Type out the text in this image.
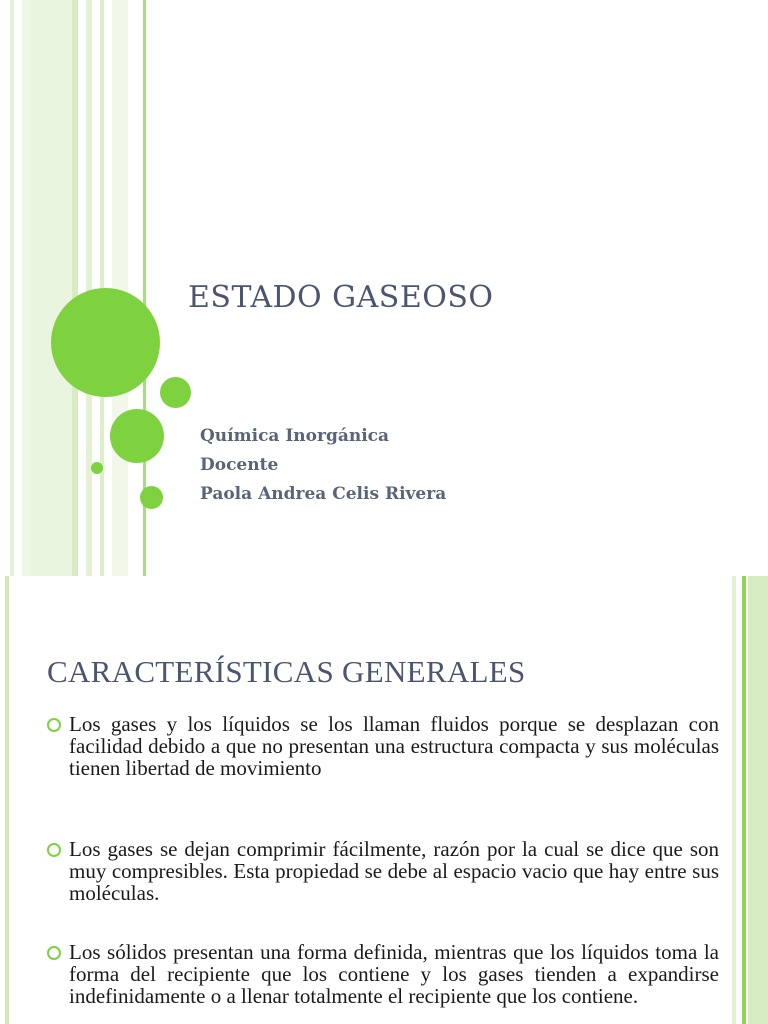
ESTADO GASEOSO
Química Inorgánica
Docente
Paola Andrea Celis Rivera
CARACTERÍSTICAS GENERALES
Los gases y los líquidos se los llaman fluidos porque se desplazan con facilidad debido a que no presentan una estructura compacta y sus moléculas tienen libertad de movimiento
Los gases se dejan comprimir fácilmente, razón por la cual se dice que son muy compresibles. Esta propiedad se debe al espacio vacio que hay entre sus moléculas.
Los sólidos presentan una forma definida, mientras que los líquidos toma la forma del recipiente que los contiene y los gases tienden a expandirse indefinidamente o a llenar totalmente el recipiente que los contiene.
